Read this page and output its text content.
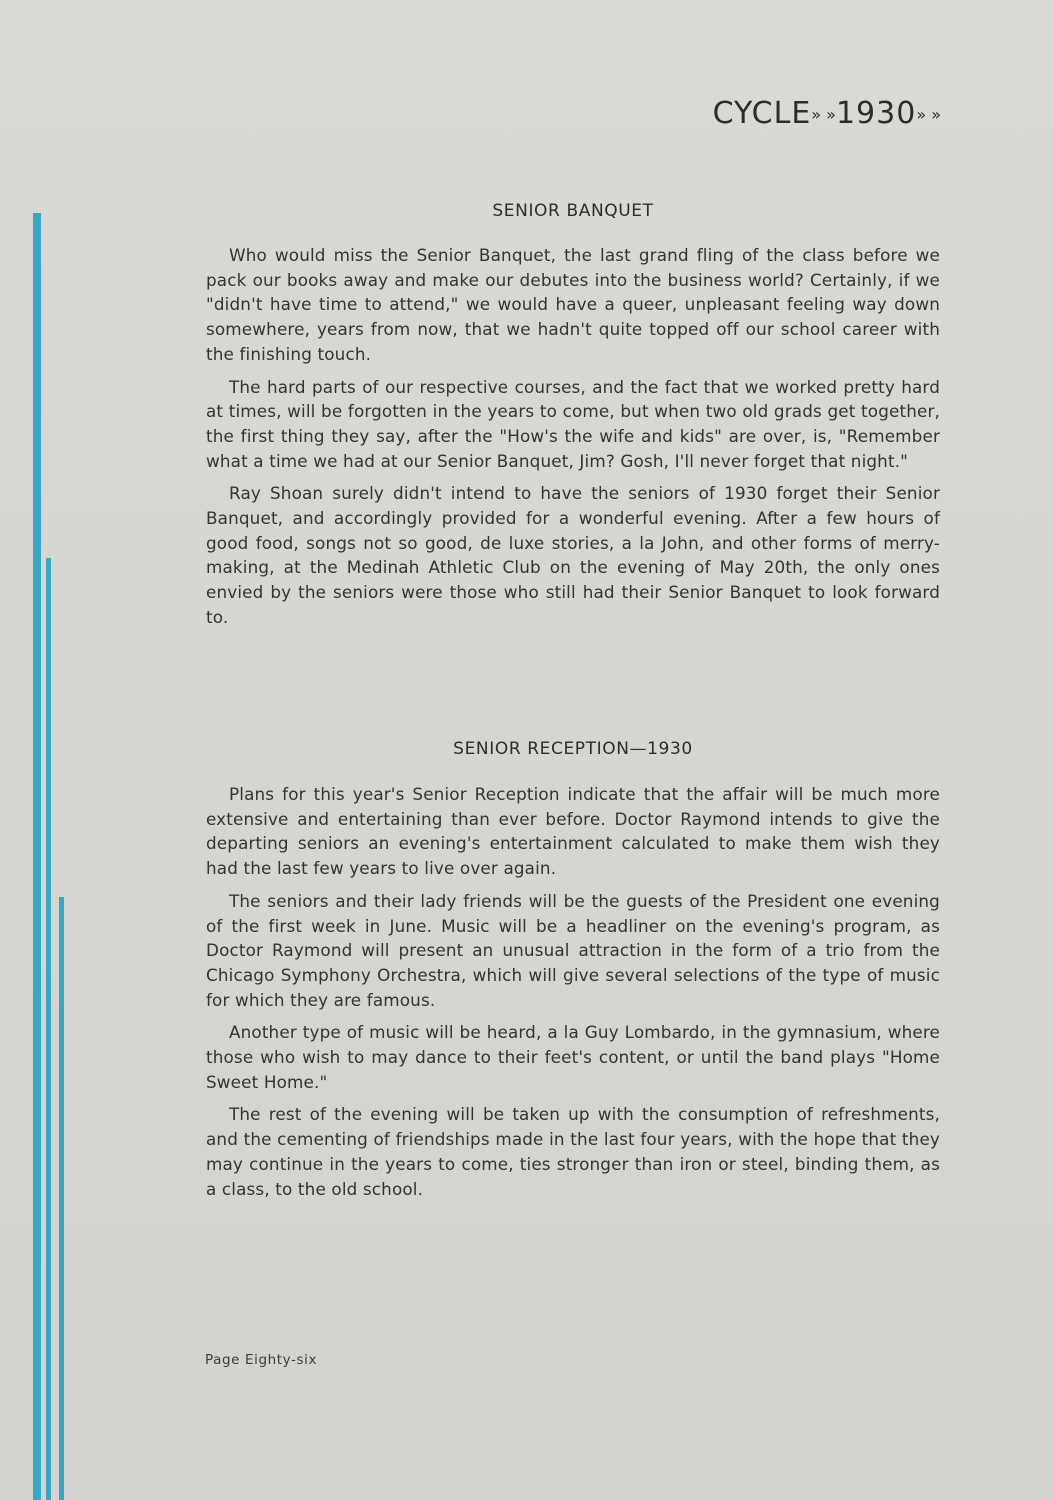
CYCLE» »1930» »
SENIOR BANQUET

Who would miss the Senior Banquet, the last grand fling of the class before we pack our books away and make our debutes into the business world? Certainly, if we "didn't have time to attend," we would have a queer, unpleasant feeling way down somewhere, years from now, that we hadn't quite topped off our school career with the finishing touch.

The hard parts of our respective courses, and the fact that we worked pretty hard at times, will be forgotten in the years to come, but when two old grads get together, the first thing they say, after the "How's the wife and kids" are over, is, "Remember what a time we had at our Senior Banquet, Jim? Gosh, I'll never forget that night."

Ray Shoan surely didn't intend to have the seniors of 1930 forget their Senior Banquet, and accordingly provided for a wonderful evening. After a few hours of good food, songs not so good, de luxe stories, a la John, and other forms of merry-making, at the Medinah Athletic Club on the evening of May 20th, the only ones envied by the seniors were those who still had their Senior Banquet to look forward to.

SENIOR RECEPTION—1930

Plans for this year's Senior Reception indicate that the affair will be much more extensive and entertaining than ever before. Doctor Raymond intends to give the departing seniors an evening's entertainment calculated to make them wish they had the last few years to live over again.

The seniors and their lady friends will be the guests of the President one evening of the first week in June. Music will be a headliner on the evening's program, as Doctor Raymond will present an unusual attraction in the form of a trio from the Chicago Symphony Orchestra, which will give several selections of the type of music for which they are famous.

Another type of music will be heard, a la Guy Lombardo, in the gymnasium, where those who wish to may dance to their feet's content, or until the band plays "Home Sweet Home."

The rest of the evening will be taken up with the consumption of refreshments, and the cementing of friendships made in the last four years, with the hope that they may continue in the years to come, ties stronger than iron or steel, binding them, as a class, to the old school.

Page Eighty-six
